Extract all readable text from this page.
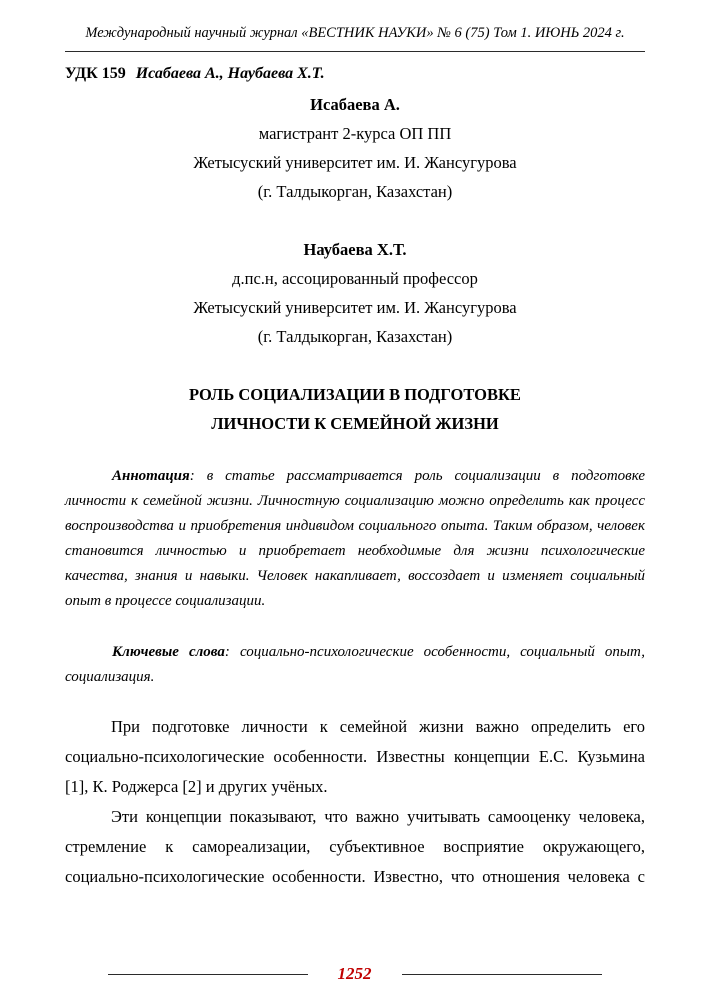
Международный научный журнал «ВЕСТНИК НАУКИ» № 6 (75) Том 1. ИЮНЬ 2024 г.
УДК 159 Исабаева А., Наубаева Х.Т.
Исабаева А.
магистрант 2-курса ОП ПП
Жетысуский университет им. И. Жансугурова
(г. Талдыкорган, Казахстан)
Наубаева Х.Т.
д.пс.н, ассоцированный профессор
Жетысуский университет им. И. Жансугурова
(г. Талдыкорган, Казахстан)
РОЛЬ СОЦИАЛИЗАЦИИ В ПОДГОТОВКЕ
ЛИЧНОСТИ К СЕМЕЙНОЙ ЖИЗНИ

Аннотация: в статье рассматривается роль социализации в подготовке личности к семейной жизни. Личностную социализацию можно определить как процесс воспроизводства и приобретения индивидом социального опыта. Таким образом, человек становится личностью и приобретает необходимые для жизни психологические качества, знания и навыки. Человек накапливает, воссоздает и изменяет социальный опыт в процессе социализации.

Ключевые слова: социально-психологические особенности, социальный опыт, социализация.

При подготовке личности к семейной жизни важно определить его социально-психологические особенности. Известны концепции Е.С. Кузьмина [1], К. Роджерса [2] и других учёных.

Эти концепции показывают, что важно учитывать самооценку человека, стремление к самореализации, субъективное восприятие окружающего, социально-психологические особенности. Известно, что отношения человека с

1252
